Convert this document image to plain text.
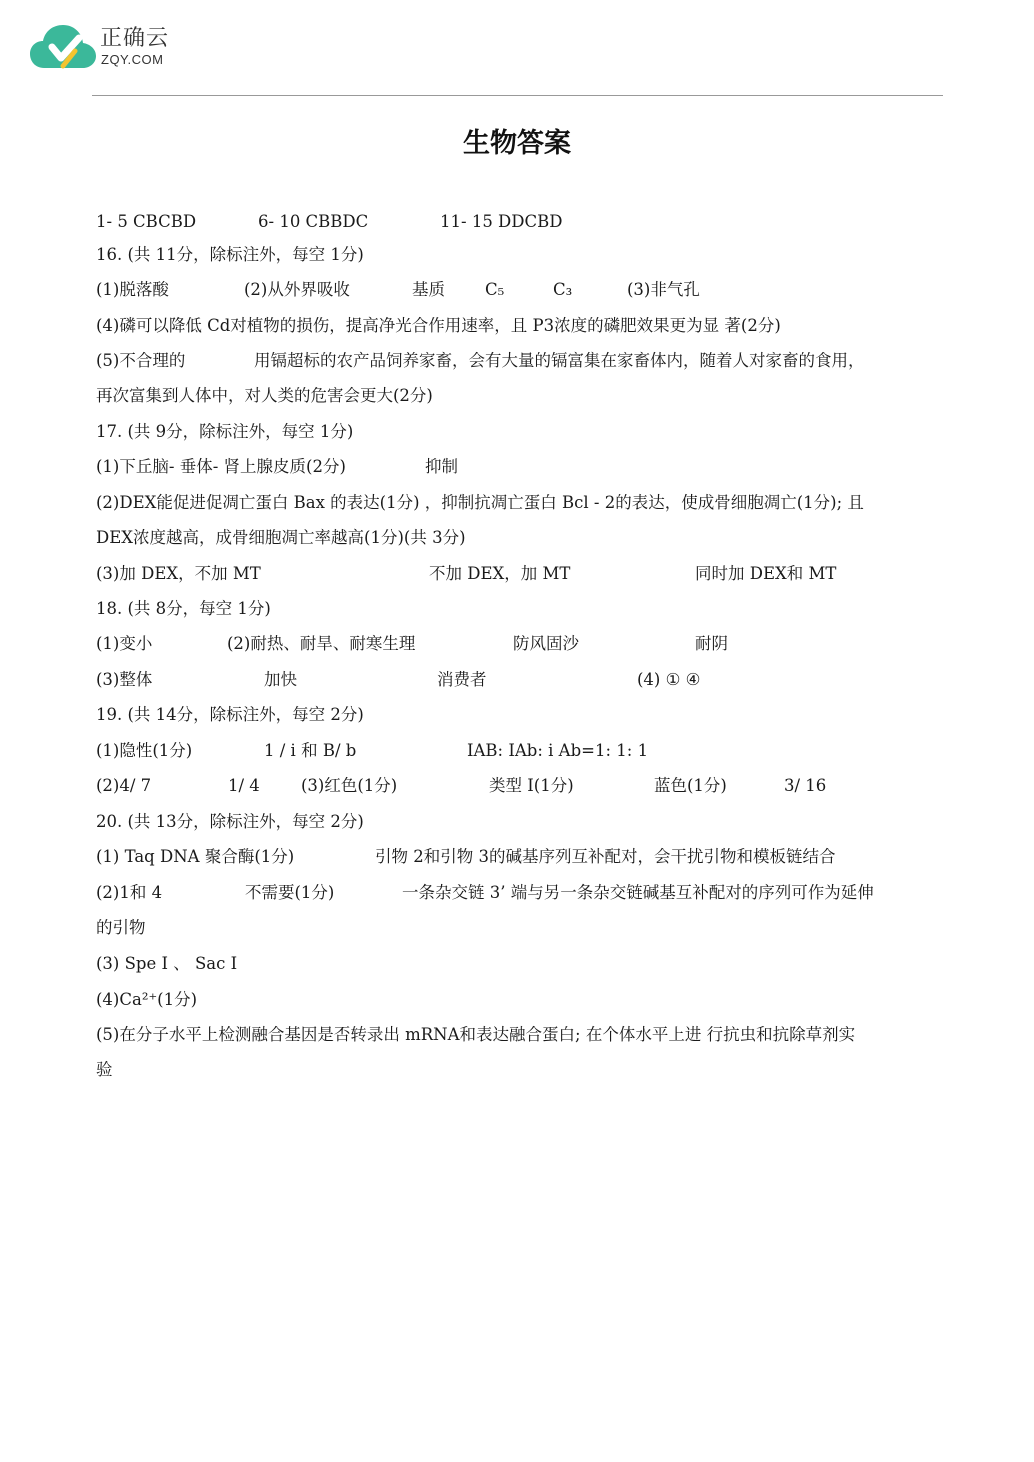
正确云
ZQY.COM
生物答案
1- 5 CBCBD	6- 10 CBBDC	11- 15 DDCBD
16. (共 11分，除标注外，每空 1分)
(1)脱落酸	(2)从外界吸收	基质 C₅	C₃	(3)非气孔
(4)磷可以降低 Cd对植物的损伤，提高净光合作用速率，且 P3浓度的磷肥效果更为显 著(2分)
(5)不合理的	用镉超标的农产品饲养家畜，会有大量的镉富集在家畜体内，随着人对家畜的食用，
再次富集到人体中，对人类的危害会更大(2分)
17. (共 9分，除标注外，每空 1分)
(1)下丘脑- 垂体- 肾上腺皮质(2分)	抑制
(2)DEX能促进促凋亡蛋白 Bax 的表达(1分) ，抑制抗凋亡蛋白 Bcl - 2的表达，使成骨细胞凋亡(1分); 且
DEX浓度越高，成骨细胞凋亡率越高(1分)(共 3分)
(3)加 DEX，不加 MT	不加 DEX，加 MT	同时加 DEX和 MT
18. (共 8分，每空 1分)
(1)变小	(2)耐热、耐旱、耐寒生理	防风固沙	耐阴
(3)整体	加快	消费者	(4) ① ④
19. (共 14分，除标注外，每空 2分)
(1)隐性(1分)	1 / i 和 B/ b	IAB: IAb: i Ab=1: 1: 1
(2)4/ 7	1/ 4 (3)红色(1分)	类型 I(1分)	蓝色(1分)	3/ 16
20. (共 13分，除标注外，每空 2分)
(1) Taq DNA 聚合酶(1分)	引物 2和引物 3的碱基序列互补配对，会干扰引物和模板链结合
(2)1和 4	不需要(1分)	一条杂交链 3’ 端与另一条杂交链碱基互补配对的序列可作为延伸
的引物
(3) Spe I 、 Sac I
(4)Ca²⁺(1分)
(5)在分子水平上检测融合基因是否转录出 mRNA和表达融合蛋白; 在个体水平上进 行抗虫和抗除草剂实
验
